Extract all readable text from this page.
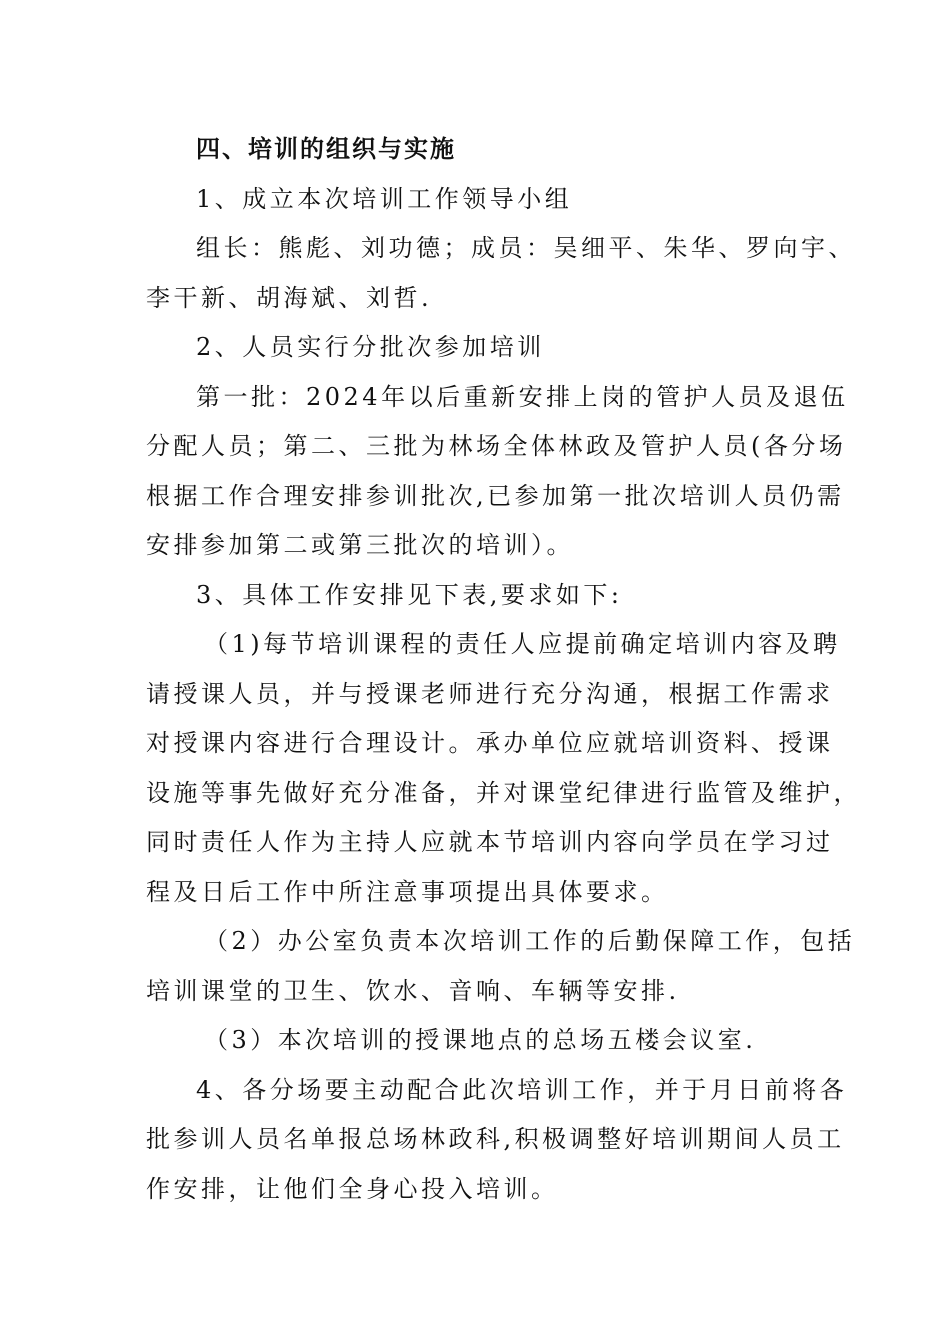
四、培训的组织与实施
1、成立本次培训工作领导小组
组长：熊彪、刘功德；成员：吴细平、朱华、罗向宇、
李干新、胡海斌、刘哲.
2、人员实行分批次参加培训
第一批：2024年以后重新安排上岗的管护人员及退伍
分配人员；第二、三批为林场全体林政及管护人员(各分场
根据工作合理安排参训批次,已参加第一批次培训人员仍需
安排参加第二或第三批次的培训）。
3、具体工作安排见下表,要求如下:
（1)每节培训课程的责任人应提前确定培训内容及聘
请授课人员，并与授课老师进行充分沟通，根据工作需求
对授课内容进行合理设计。承办单位应就培训资料、授课
设施等事先做好充分准备，并对课堂纪律进行监管及维护，
同时责任人作为主持人应就本节培训内容向学员在学习过
程及日后工作中所注意事项提出具体要求。
（2）办公室负责本次培训工作的后勤保障工作，包括
培训课堂的卫生、饮水、音响、车辆等安排.
（3）本次培训的授课地点的总场五楼会议室.
4、各分场要主动配合此次培训工作，并于月日前将各
批参训人员名单报总场林政科,积极调整好培训期间人员工
作安排，让他们全身心投入培训。
